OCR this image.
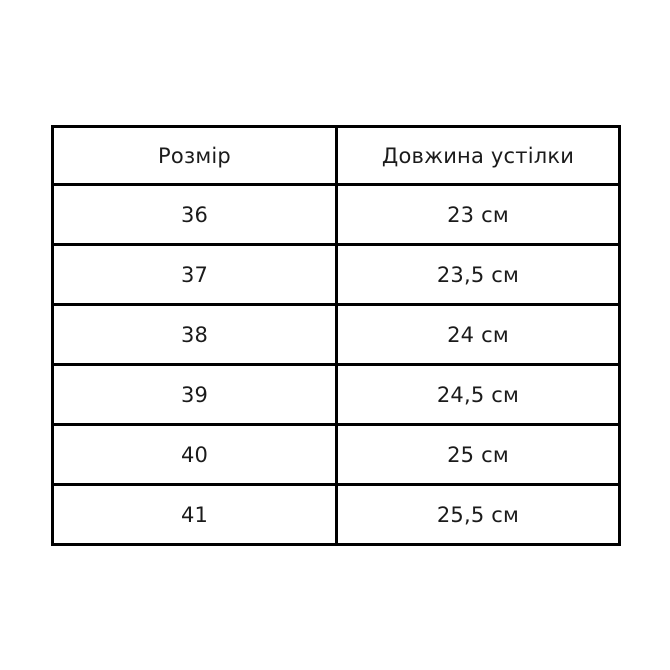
Розмір	Довжина устілки
36	23 см
37	23,5 см
38	24 см
39	24,5 см
40	25 см
41	25,5 см
